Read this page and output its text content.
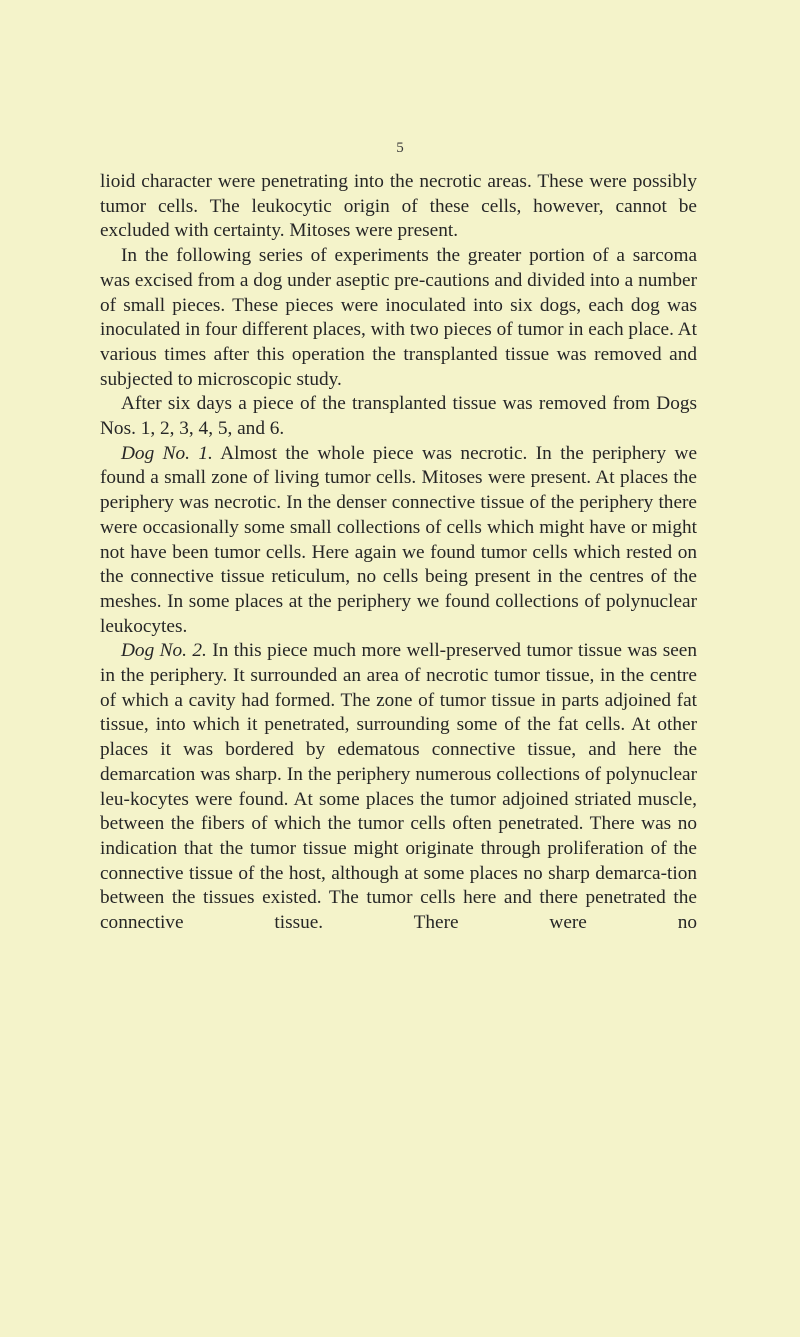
5

lioid character were penetrating into the necrotic areas. These were possibly tumor cells. The leukocytic origin of these cells, however, cannot be excluded with certainty. Mitoses were present.

In the following series of experiments the greater portion of a sarcoma was excised from a dog under aseptic pre-cautions and divided into a number of small pieces. These pieces were inoculated into six dogs, each dog was inoculated in four different places, with two pieces of tumor in each place. At various times after this operation the transplanted tissue was removed and subjected to microscopic study.

After six days a piece of the transplanted tissue was removed from Dogs Nos. 1, 2, 3, 4, 5, and 6.

Dog No. 1. Almost the whole piece was necrotic. In the periphery we found a small zone of living tumor cells. Mitoses were present. At places the periphery was necrotic. In the denser connective tissue of the periphery there were occasionally some small collections of cells which might have or might not have been tumor cells. Here again we found tumor cells which rested on the connective tissue reticulum, no cells being present in the centres of the meshes. In some places at the periphery we found collections of polynuclear leukocytes.

Dog No. 2. In this piece much more well-preserved tumor tissue was seen in the periphery. It surrounded an area of necrotic tumor tissue, in the centre of which a cavity had formed. The zone of tumor tissue in parts adjoined fat tissue, into which it penetrated, surrounding some of the fat cells. At other places it was bordered by edematous connective tissue, and here the demarcation was sharp. In the periphery numerous collections of polynuclear leu-kocytes were found. At some places the tumor adjoined striated muscle, between the fibers of which the tumor cells often penetrated. There was no indication that the tumor tissue might originate through proliferation of the connective tissue of the host, although at some places no sharp demarca-tion between the tissues existed. The tumor cells here and there penetrated the connective tissue. There were no
